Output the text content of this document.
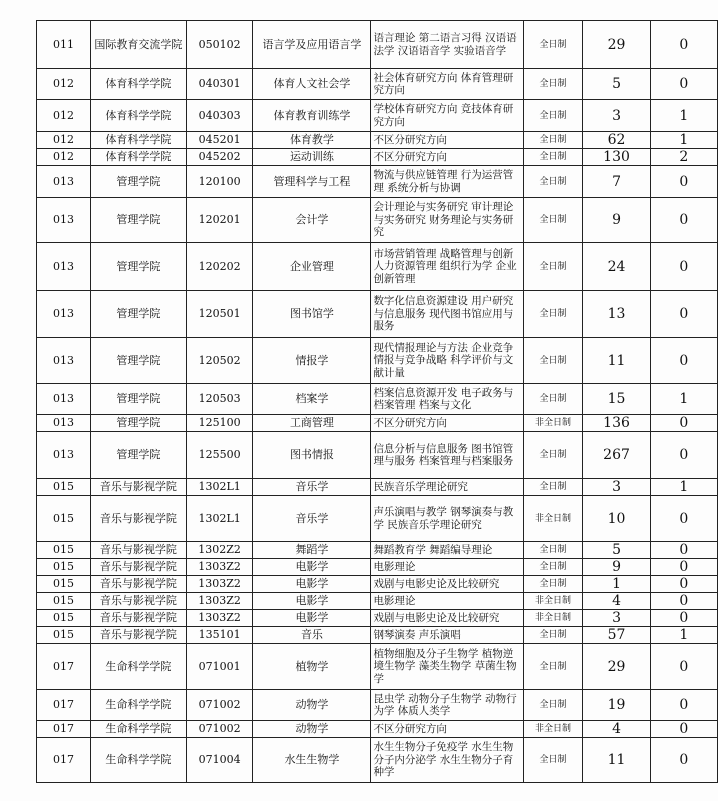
011	国际教育交流学院	050102	语言学及应用语言学	语言理论 第二语言习得 汉语语法学 汉语语音学 实验语音学	全日制	29	0
012	体育科学学院	040301	体育人文社会学	社会体育研究方向 体育管理研究方向	全日制	5	0
012	体育科学学院	040303	体育教育训练学	学校体育研究方向 竞技体育研究方向	全日制	3	1
012	体育科学学院	045201	体育教学	不区分研究方向	全日制	62	1
012	体育科学学院	045202	运动训练	不区分研究方向	全日制	130	2
013	管理学院	120100	管理科学与工程	物流与供应链管理 行为运营管理 系统分析与协调	全日制	7	0
013	管理学院	120201	会计学	会计理论与实务研究 审计理论与实务研究 财务理论与实务研究	全日制	9	0
013	管理学院	120202	企业管理	市场营销管理 战略管理与创新 人力资源管理 组织行为学 企业创新管理	全日制	24	0
013	管理学院	120501	图书馆学	数字化信息资源建设 用户研究与信息服务 现代图书馆应用与服务	全日制	13	0
013	管理学院	120502	情报学	现代情报理论与方法 企业竞争情报与竞争战略 科学评价与文献计量	全日制	11	0
013	管理学院	120503	档案学	档案信息资源开发 电子政务与档案管理 档案与文化	全日制	15	1
013	管理学院	125100	工商管理	不区分研究方向	非全日制	136	0
013	管理学院	125500	图书情报	信息分析与信息服务 图书馆管理与服务 档案管理与档案服务	全日制	267	0
015	音乐与影视学院	1302L1	音乐学	民族音乐学理论研究	全日制	3	1
015	音乐与影视学院	1302L1	音乐学	声乐演唱与教学 钢琴演奏与教学 民族音乐学理论研究	非全日制	10	0
015	音乐与影视学院	1302Z2	舞蹈学	舞蹈教育学 舞蹈编导理论	全日制	5	0
015	音乐与影视学院	1303Z2	电影学	电影理论	全日制	9	0
015	音乐与影视学院	1303Z2	电影学	戏剧与电影史论及比较研究	全日制	1	0
015	音乐与影视学院	1303Z2	电影学	电影理论	非全日制	4	0
015	音乐与影视学院	1303Z2	电影学	戏剧与电影史论及比较研究	非全日制	3	0
015	音乐与影视学院	135101	音乐	钢琴演奏 声乐演唱	全日制	57	1
017	生命科学学院	071001	植物学	植物细胞及分子生物学 植物逆境生物学 藻类生物学 草菌生物学	全日制	29	0
017	生命科学学院	071002	动物学	昆虫学 动物分子生物学 动物行为学 体质人类学	全日制	19	0
017	生命科学学院	071002	动物学	不区分研究方向	非全日制	4	0
017	生命科学学院	071004	水生生物学	水生生物分子免疫学 水生生物分子内分泌学 水生生物分子育种学	全日制	11	0
